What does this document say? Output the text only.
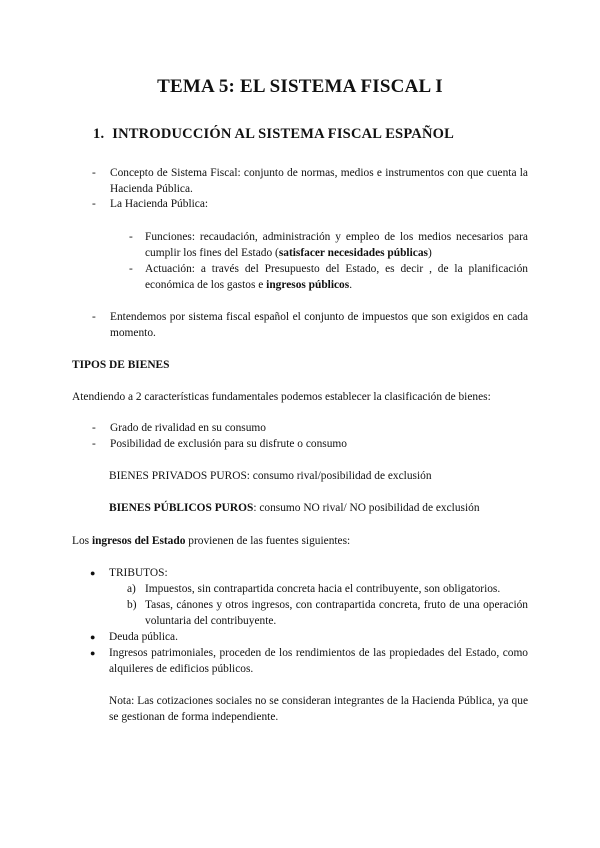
TEMA 5: EL SISTEMA FISCAL I
1. INTRODUCCIÓN AL SISTEMA FISCAL ESPAÑOL
- Concepto de Sistema Fiscal: conjunto de normas, medios e instrumentos con que cuenta la Hacienda Pública.
- La Hacienda Pública:
- Funciones: recaudación, administración y empleo de los medios necesarios para cumplir los fines del Estado (satisfacer necesidades públicas)
- Actuación: a través del Presupuesto del Estado, es decir , de la planificación económica de los gastos e ingresos públicos.
- Entendemos por sistema fiscal español el conjunto de impuestos que son exigidos en cada momento.
TIPOS DE BIENES
Atendiendo a 2 características fundamentales podemos establecer la clasificación de bienes:
- Grado de rivalidad en su consumo
- Posibilidad de exclusión para su disfrute o consumo
BIENES PRIVADOS PUROS: consumo rival/posibilidad de exclusión
BIENES PÚBLICOS PUROS: consumo NO rival/ NO posibilidad de exclusión
Los ingresos del Estado provienen de las fuentes siguientes:
● TRIBUTOS:
a) Impuestos, sin contrapartida concreta hacia el contribuyente, son obligatorios.
b) Tasas, cánones y otros ingresos, con contrapartida concreta, fruto de una operación voluntaria del contribuyente.
● Deuda pública.
● Ingresos patrimoniales, proceden de los rendimientos de las propiedades del Estado, como alquileres de edificios públicos.
Nota: Las cotizaciones sociales no se consideran integrantes de la Hacienda Pública, ya que se gestionan de forma independiente.
